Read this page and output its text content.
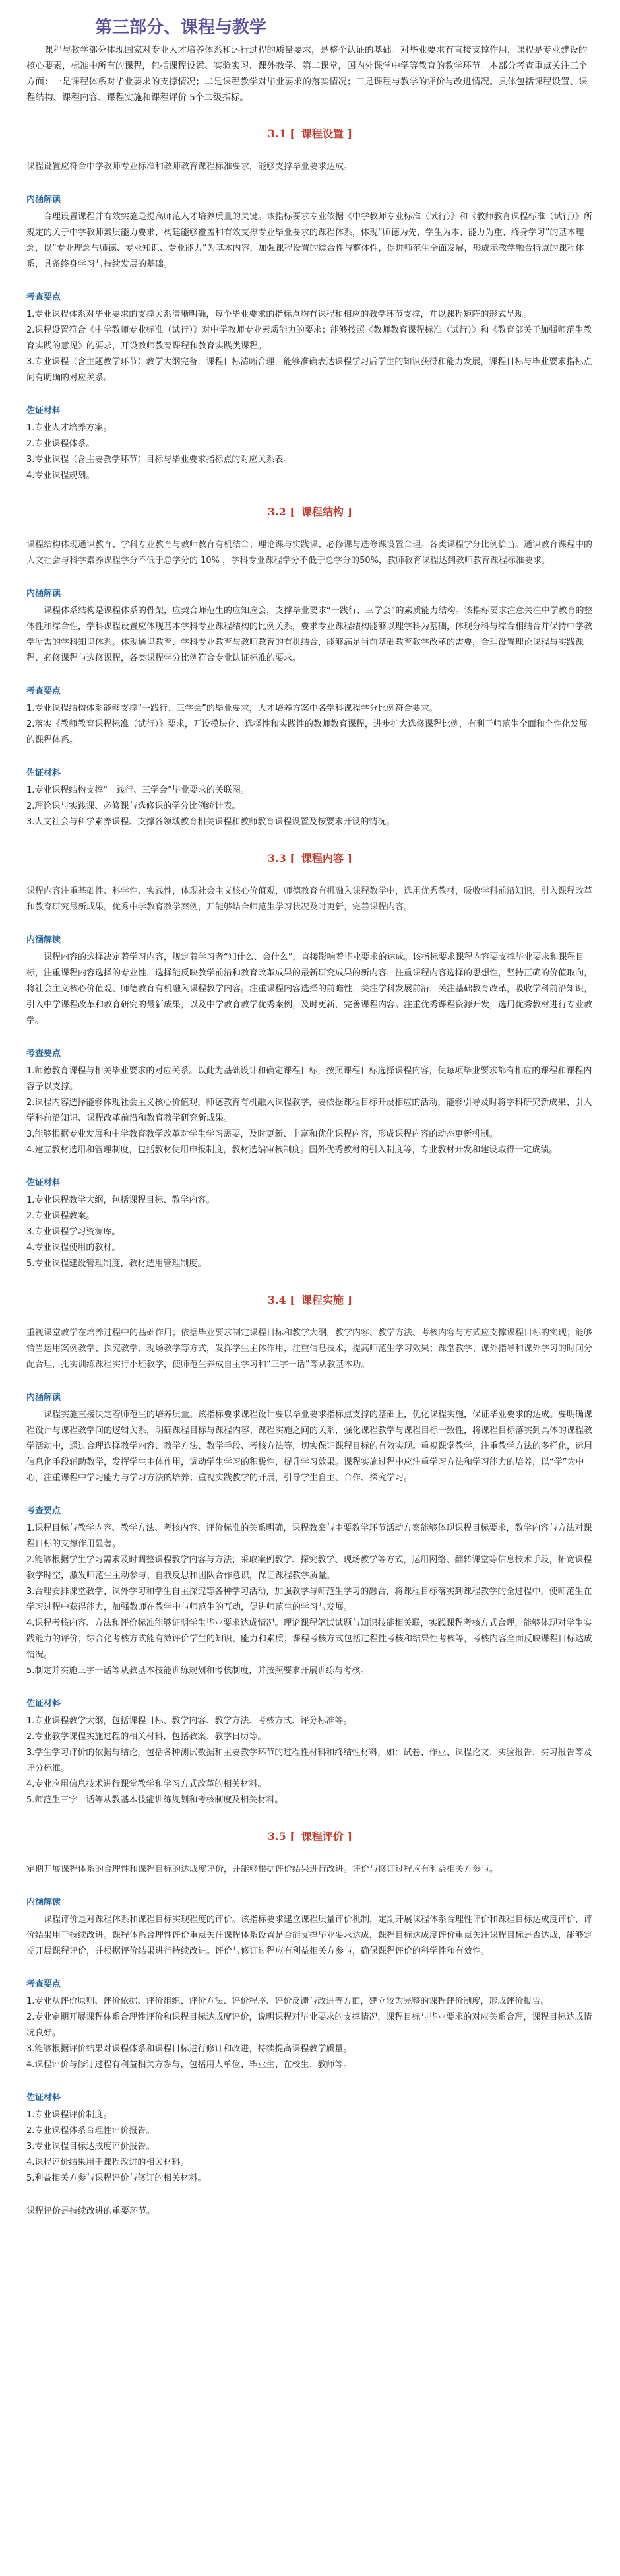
第三部分、课程与教学
课程与教学部分体现国家对专业人才培养体系和运行过程的质量要求，是整个认证的基础。对毕业要求有直接支撑作用，课程是专业建设的核心要素，标准中所有的课程，包括课程设置、实验实习、课外教学、第二课堂，国内外课堂中学等教育的教学环节。本部分考查重点关注三个方面：一是课程体系对毕业要求的支撑情况；二是课程教学对毕业要求的落实情况；三是课程与教学的评价与改进情况。具体包括课程设置、课程结构、课程内容、课程实施和课程评价 5个二级指标。
3.1 [ 课程设置 ]
课程设置应符合中学教师专业标准和教师教育课程标准要求，能够支撑毕业要求达成。
内涵解读
合理设置课程并有效实施是提高师范人才培养质量的关键。该指标要求专业依据《中学教师专业标准（试行）》和《教师教育课程标准（试行）》所规定的关于中学教师素质能力要求，构建能够覆盖和有效支撑专业毕业要求的课程体系，体现“师德为先、学生为本、能力为重、终身学习”的基本理念，以“专业理念与师德、专业知识、专业能力”为基本内容，加强课程设置的综合性与整体性，促进师范生全面发展，形成示教学融合特点的课程体系，具备终身学习与持续发展的基础。
考查要点
1.专业课程体系对毕业要求的支撑关系清晰明确，每个毕业要求的指标点均有课程和相应的教学环节支撑，并以课程矩阵的形式呈现。
2.课程设置符合《中学教师专业标准（试行）》对中学教师专业素质能力的要求；能够按照《教师教育课程标准（试行）》和《教育部关于加强师范生教育实践的意见》的要求，开设教师教育课程和教育实践类课程。
3.专业课程（含主题教学环节）教学大纲完备，课程目标清晰合理，能够准确表达课程学习后学生的知识获得和能力发展，课程目标与毕业要求指标点间有明确的对应关系。
佐证材料
1.专业人才培养方案。
2.专业课程体系。
3.专业课程（含主要教学环节）目标与毕业要求指标点的对应关系表。
4.专业课程规划。
3.2 [ 课程结构 ]
课程结构体现通识教育、学科专业教育与教师教育有机结合；理论课与实践课、必修课与选修课设置合理。各类课程学分比例恰当。通识教育课程中的人文社会与科学素养课程学分不低于总学分的 10% ，学科专业课程学分不低于总学分的50%，教师教育课程达到教师教育课程标准要求。
内涵解读
课程体系结构是课程体系的骨架，应契合师范生的应知应会，支撑毕业要求“一践行、三学会”的素质能力结构。该指标要求注意关注中学教育的整体性和综合性，学科课程设置应体现基本学科专业课程结构的比例关系，要求专业课程结构能够以理学科为基础，体现分科与综合相结合并保持中学教学所需的学科知识体系。体现通识教育、学科专业教育与教师教育的有机结合，能够满足当前基础教育教学改革的需要，合理设置理论课程与实践课程、必修课程与选修课程，各类课程学分比例符合专业认证标准的要求。
考查要点
1.专业课程结构体系能够支撑“一践行、三学会”的毕业要求，人才培养方案中各学科课程学分比例符合要求。
2.落实《教师教育课程标准（试行）》要求，开设模块化、选择性和实践性的教师教育课程，进步扩大选修课程比例，有利于师范生全面和个性化发展的课程体系。
佐证材料
1.专业课程结构支撑“一践行、三学会”毕业要求的关联图。
2.理论课与实践课、必修课与选修课的学分比例统计表。
3.人文社会与科学素养课程、支撑各领域教育相关课程和教师教育课程设置及按要求开设的情况。
3.3 [ 课程内容 ]
课程内容注重基础性、科学性、实践性，体现社会主义核心价值观，师德教育有机融入课程教学中，选用优秀教材，吸收学科前沿知识，引入课程改革和教育研究最新成果。优秀中学教育教学案例，开能够结合师范生学习状况及时更新，完善课程内容。
内涵解读
课程内容的选择决定着学习内容，规定着学习者“知什么、会什么”，直接影响着毕业要求的达成。该指标要求课程内容要支撑毕业要求和课程目标，注重课程内容选择的专业性，选择能反映教学前沿和教育改革成果的最新研究成果的新内容，注重课程内容选择的思想性，坚持正确的价值取向，将社会主义核心价值观、师德教育有机融入课程教学内容。注重课程内容选择的前瞻性，关注学科发展前沿，关注基础教育改革，吸收学科前沿知识，引入中学课程改革和教育研究的最新成果，以及中学教育教学优秀案例，及时更新，完善课程内容。注重优秀课程资源开发，选用优秀教材进行专业教学。
考查要点
1.师德教育课程与相关毕业要求的对应关系。以此为基础设计和确定课程目标，按照课程目标选择课程内容，使每项毕业要求都有相应的课程和课程内容予以支撑。
2.课程内容选择能够体现社会主义核心价值观，师德教育有机融入课程教学，要依据课程目标开设相应的活动，能够引导及时将学科研究新成果、引入学科前沿知识、课程改革前沿和教育教学研究新成果。
3.能够根据专业发展和中学教育教学改革对学生学习需要，及时更新、丰富和优化课程内容，形成课程内容的动态更新机制。
4.建立教材选用和管理制度，包括教材使用申报制度，教材选编审核制度。国外优秀教材的引入制度等，专业教材开发和建设取得一定成绩。
佐证材料
1.专业课程教学大纲，包括课程目标、教学内容。
2.专业课程教案。
3.专业课程学习资源库。
4.专业课程使用的教材。
5.专业课程建设管理制度，教材选用管理制度。
3.4 [ 课程实施 ]
重视课堂教学在培养过程中的基础作用；依据毕业要求制定课程目标和教学大纲，教学内容、教学方法、考核内容与方式应支撑课程目标的实现；能够恰当运用案例教学、探究教学、现场教学等方式，发挥学生主体作用，注重信息技术，提高师范生学习效果；课堂教学、课外指导和课外学习的时间分配合理，扎实训练课程实行小班教学，使师范生养成自主学习和“三字一话”等从教基本功。
内涵解读
课程实施直接决定着师范生的培养质量。该指标要求课程设计要以毕业要求指标点支撑的基础上，优化课程实施，保证毕业要求的达成。要明确课程设计与课程教学间的逻辑关系，明确课程目标与课程内容、课程实施之间的关系，强化课程教学与课程目标一致性，将课程目标落实到具体的课程教学活动中，通过合理选择教学内容、教学方法、教学手段、考核方法等，切实保证课程目标的有效实现。重视课堂教学，注重教学方法的多样化，运用信息化手段辅助教学，发挥学生主体作用，调动学生学习的积极性，提升学习效果。课程实施过程中应注重学习方法和学习能力的培养，以“学”为中心，注重课程中学习能力与学习方法的培养；重视实践教学的开展，引导学生自主、合作、探究学习。
考查要点
1.课程目标与教学内容、教学方法、考核内容、评价标准的关系明确，课程教案与主要教学环节活动方案能够体现课程目标要求，教学内容与方法对课程目标的支撑作用显著。
2.能够根据学生学习需求及时调整课程教学内容与方法；采取案例教学、探究教学、现场教学等方式，运用网络、翻转课堂等信息技术手段，拓宽课程教学时空，激发师范生主动参与、自我反思和团队合作意识，保证课程教学质量。
3.合理安排课堂教学、课外学习和学生自主探究等各种学习活动，加强教学与师范生学习的融合，将课程目标落实到课程教学的全过程中，使师范生在学习过程中获得能力，加强教师在教学中与师范生的互动，促进师范生的学习与发展。
4.课程考核内容、方法和评价标准能够证明学生毕业要求达成情况。理论课程笔试试题与知识技能相关联，实践课程考核方式合理，能够体现对学生实践能力的评价；综合化考核方式能有效评价学生的知识、能力和素质；课程考核方式包括过程性考核和结果性考核等，考核内容全面反映课程目标达成情况。
5.制定并实施三字一话等从教基本技能训练规划和考核制度，并按照要求开展训练与考核。
佐证材料
1.专业课程教学大纲，包括课程目标、教学内容、教学方法、考核方式、评分标准等。
2.专业教学课程实施过程的相关材料，包括教案、教学日历等。
3.学生学习评价的依据与结论，包括各种测试数据和主要教学环节的过程性材料和终结性材料，如：试卷、作业、课程论文、实验报告、实习报告等及评分标准。
4.专业应用信息技术进行课堂教学和学习方式改革的相关材料。
5.师范生三字一话等从教基本技能训练规划和考核制度及相关材料。
3.5 [ 课程评价 ]
定期开展课程体系的合理性和课程目标的达成度评价，并能够根据评价结果进行改进。评价与修订过程应有利益相关方参与。
内涵解读
课程评价是对课程体系和课程目标实现程度的评价。该指标要求建立课程质量评价机制，定期开展课程体系合理性评价和课程目标达成度评价，评价结果用于持续改进。课程体系合理性评价重点关注课程体系设置是否能支撑毕业要求达成，课程目标达成度评价重点关注课程目标是否达成，能够定期开展课程评价，并根据评价结果进行持续改进。评价与修订过程应有利益相关方参与，确保课程评价的科学性和有效性。
考查要点
1.专业从评价原则、评价依据、评价组织、评价方法、评价程序、评价反馈与改进等方面，建立较为完整的课程评价制度，形成评价报告。
2.专业定期开展课程体系合理性评价和课程目标达成度评价，说明课程对毕业要求的支撑情况，课程目标与毕业要求的对应关系合理，课程目标达成情况良好。
3.能够根据评价结果对课程体系和课程目标进行修订和改进，持续提高课程教学质量。
4.课程评价与修订过程有利益相关方参与，包括用人单位、毕业生、在校生、教师等。
佐证材料
1.专业课程评价制度。
2.专业课程体系合理性评价报告。
3.专业课程目标达成度评价报告。
4.课程评价结果用于课程改进的相关材料。
5.利益相关方参与课程评价与修订的相关材料。
课程评价是持续改进的重要环节。
